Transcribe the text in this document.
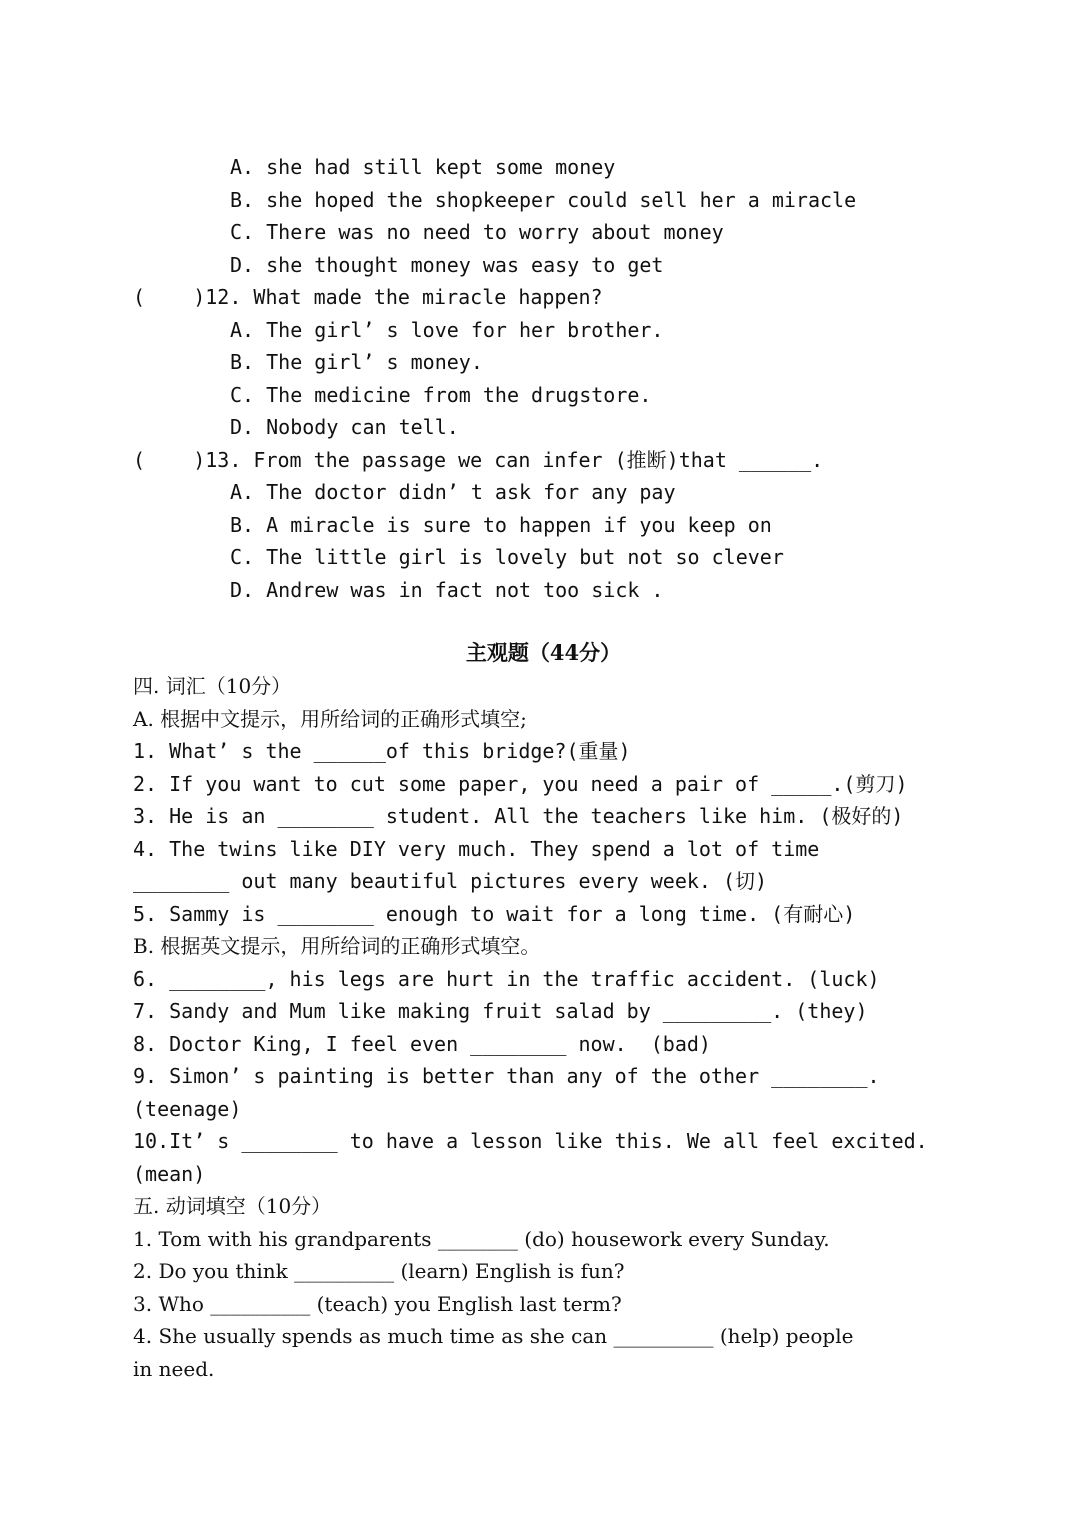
A. she had still kept some money
B. she hoped the shopkeeper could sell her a miracle
C. There was no need to worry about money
D. she thought money was easy to get
(    )12. What made the miracle happen?
A. The girl’ s love for her brother.
B. The girl’ s money.
C. The medicine from the drugstore.
D. Nobody can tell.
(    )13. From the passage we can infer (推断)that ______.
A. The doctor didn’ t ask for any pay
B. A miracle is sure to happen if you keep on
C. The little girl is lovely but not so clever
D. Andrew was in fact not too sick .
主观题（44分）
四. 词汇（10分）
A. 根据中文提示，用所给词的正确形式填空;
1. What’ s the ______of this bridge?(重量)
2. If you want to cut some paper, you need a pair of _____.(剪刀)
3. He is an ________ student. All the teachers like him. (极好的)
4. The twins like DIY very much. They spend a lot of time
________ out many beautiful pictures every week. (切)
5. Sammy is ________ enough to wait for a long time. (有耐心)
B. 根据英文提示，用所给词的正确形式填空。
6. ________, his legs are hurt in the traffic accident. (luck)
7. Sandy and Mum like making fruit salad by _________. (they)
8. Doctor King, I feel even ________ now.  (bad)
9. Simon’ s painting is better than any of the other ________.
(teenage)
10.It’ s ________ to have a lesson like this. We all feel excited.
(mean)
五. 动词填空（10分）
1. Tom with his grandparents ________ (do) housework every Sunday.
2. Do you think __________ (learn) English is fun?
3. Who __________ (teach) you English last term?
4. She usually spends as much time as she can __________ (help) people
in need.
